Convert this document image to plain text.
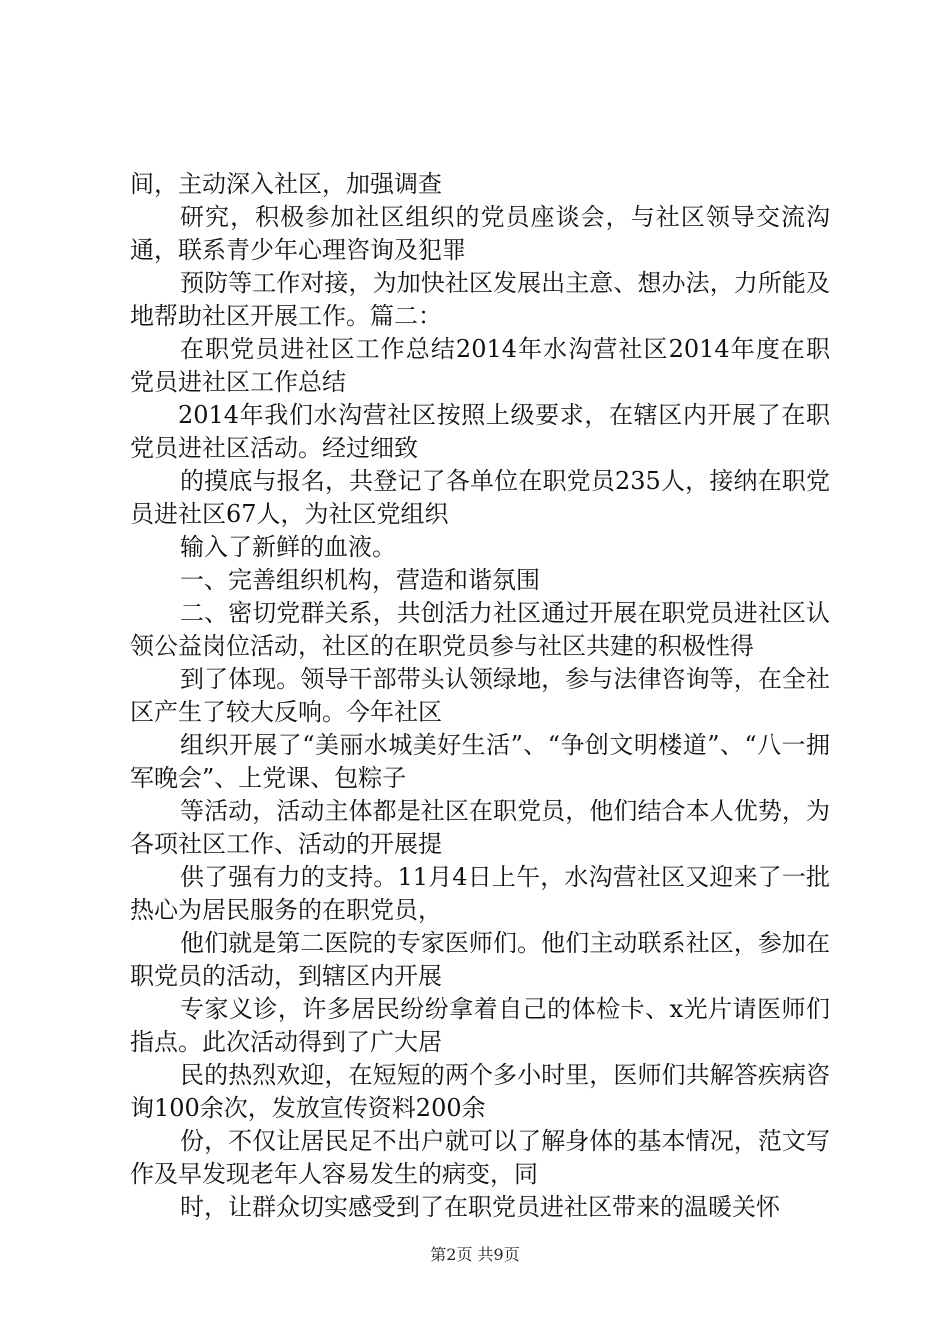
间，主动深入社区，加强调查

研究，积极参加社区组织的党员座谈会，与社区领导交流沟通，联系青少年心理咨询及犯罪

预防等工作对接，为加快社区发展出主意、想办法，力所能及地帮助社区开展工作。篇二：

在职党员进社区工作总结2014年水沟营社区2014年度在职党员进社区工作总结

2014年我们水沟营社区按照上级要求，在辖区内开展了在职党员进社区活动。经过细致

的摸底与报名，共登记了各单位在职党员235人，接纳在职党员进社区67人，为社区党组织

输入了新鲜的血液。

一、完善组织机构，营造和谐氛围

二、密切党群关系，共创活力社区通过开展在职党员进社区认领公益岗位活动，社区的在职党员参与社区共建的积极性得

到了体现。领导干部带头认领绿地，参与法律咨询等，在全社区产生了较大反响。今年社区

组织开展了“美丽水城美好生活”、“争创文明楼道”、“八一拥军晚会”、上党课、包粽子

等活动，活动主体都是社区在职党员，他们结合本人优势，为各项社区工作、活动的开展提

供了强有力的支持。11月4日上午，水沟营社区又迎来了一批热心为居民服务的在职党员，

他们就是第二医院的专家医师们。他们主动联系社区，参加在职党员的活动，到辖区内开展

专家义诊，许多居民纷纷拿着自己的体检卡、x光片请医师们指点。此次活动得到了广大居

民的热烈欢迎，在短短的两个多小时里，医师们共解答疾病咨询100余次，发放宣传资料200余

份，不仅让居民足不出户就可以了解身体的基本情况，范文写作及早发现老年人容易发生的病变，同

时，让群众切实感受到了在职党员进社区带来的温暖关怀

第2页 共9页
